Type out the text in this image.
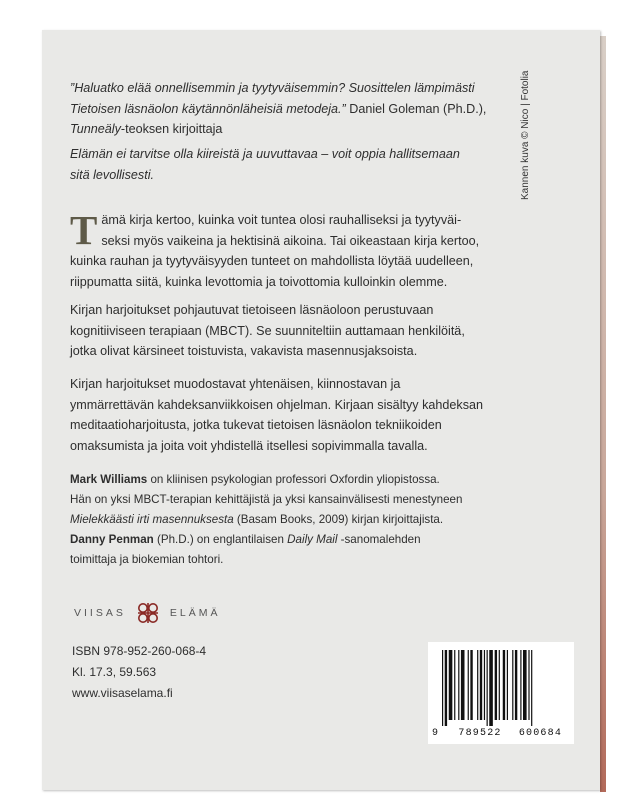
”Haluatko elää onnellisemmin ja tyytyväisemmin? Suosittelen lämpimästi
Tietoisen läsnäolon käytännönläheisiä metodeja.” Daniel Goleman (Ph.D.),
Tunneäly-teoksen kirjoittaja
Elämän ei tarvitse olla kiireistä ja uuvuttavaa – voit oppia hallitsemaan
sitä levollisesti.
T ämä kirja kertoo, kuinka voit tuntea olosi rauhalliseksi ja tyytyväi-
seksi myös vaikeina ja hektisinä aikoina. Tai oikeastaan kirja kertoo,
kuinka rauhan ja tyytyväisyyden tunteet on mahdollista löytää uudelleen,
riippumatta siitä, kuinka levottomia ja toivottomia kulloinkin olemme.
Kirjan harjoitukset pohjautuvat tietoiseen läsnäoloon perustuvaan
kognitiiviseen terapiaan (MBCT). Se suunniteltiin auttamaan henkilöitä,
jotka olivat kärsineet toistuvista, vakavista masennusjaksoista.
Kirjan harjoitukset muodostavat yhtenäisen, kiinnostavan ja
ymmärrettävän kahdeksanviikkoisen ohjelman. Kirjaan sisältyy kahdeksan
meditaatioharjoitusta, jotka tukevat tietoisen läsnäolon tekniikoiden
omaksumista ja joita voit yhdistellä itsellesi sopivimmalla tavalla.
Mark Williams on kliinisen psykologian professori Oxfordin yliopistossa.
Hän on yksi MBCT-terapian kehittäjistä ja yksi kansainvälisesti menestyneen
Mielekkäästi irti masennuksesta (Basam Books, 2009) kirjan kirjoittajista.
Danny Penman (Ph.D.) on englantilaisen Daily Mail -sanomalehden
toimittaja ja biokemian tohtori.
Kannen kuva © Nico | Fotolia
VIISAS	ELÄMÄ
ISBN 978-952-260-068-4
Kl. 17.3, 59.563
www.viisaselama.fi
9 789522 600684
